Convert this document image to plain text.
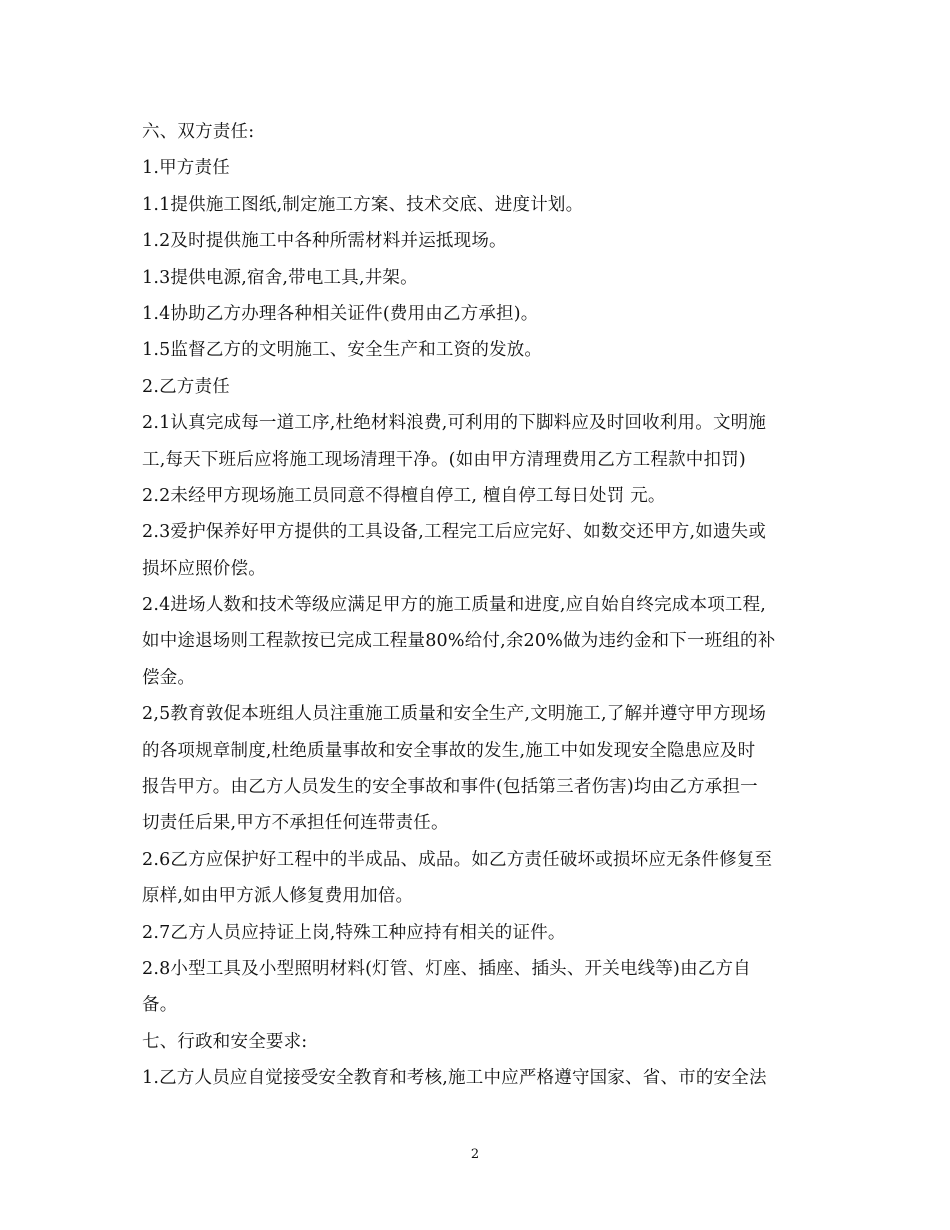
六、双方责任:
1.甲方责任
1.1提供施工图纸,制定施工方案、技术交底、进度计划。
1.2及时提供施工中各种所需材料并运抵现场。
1.3提供电源,宿舍,带电工具,井架。
1.4协助乙方办理各种相关证件(费用由乙方承担)。
1.5监督乙方的文明施工、安全生产和工资的发放。
2.乙方责任
2.1认真完成每一道工序,杜绝材料浪费,可利用的下脚料应及时回收利用。文明施
工,每天下班后应将施工现场清理干净。(如由甲方清理费用乙方工程款中扣罚)
2.2未经甲方现场施工员同意不得檀自停工, 檀自停工每日处罚 元。
2.3爱护保养好甲方提供的工具设备,工程完工后应完好、如数交还甲方,如遗失或
损坏应照价偿。
2.4进场人数和技术等级应满足甲方的施工质量和进度,应自始自终完成本项工程,
如中途退场则工程款按已完成工程量80%给付,余20%做为违约金和下一班组的补
偿金。
2,5教育敦促本班组人员注重施工质量和安全生产,文明施工,了解并遵守甲方现场
的各项规章制度,杜绝质量事故和安全事故的发生,施工中如发现安全隐患应及时
报告甲方。由乙方人员发生的安全事故和事件(包括第三者伤害)均由乙方承担一
切责任后果,甲方不承担任何连带责任。
2.6乙方应保护好工程中的半成品、成品。如乙方责任破坏或损坏应无条件修复至
原样,如由甲方派人修复费用加倍。
2.7乙方人员应持证上岗,特殊工种应持有相关的证件。
2.8小型工具及小型照明材料(灯管、灯座、插座、插头、开关电线等)由乙方自
备。
七、行政和安全要求:
1.乙方人员应自觉接受安全教育和考核,施工中应严格遵守国家、省、市的安全法
2
